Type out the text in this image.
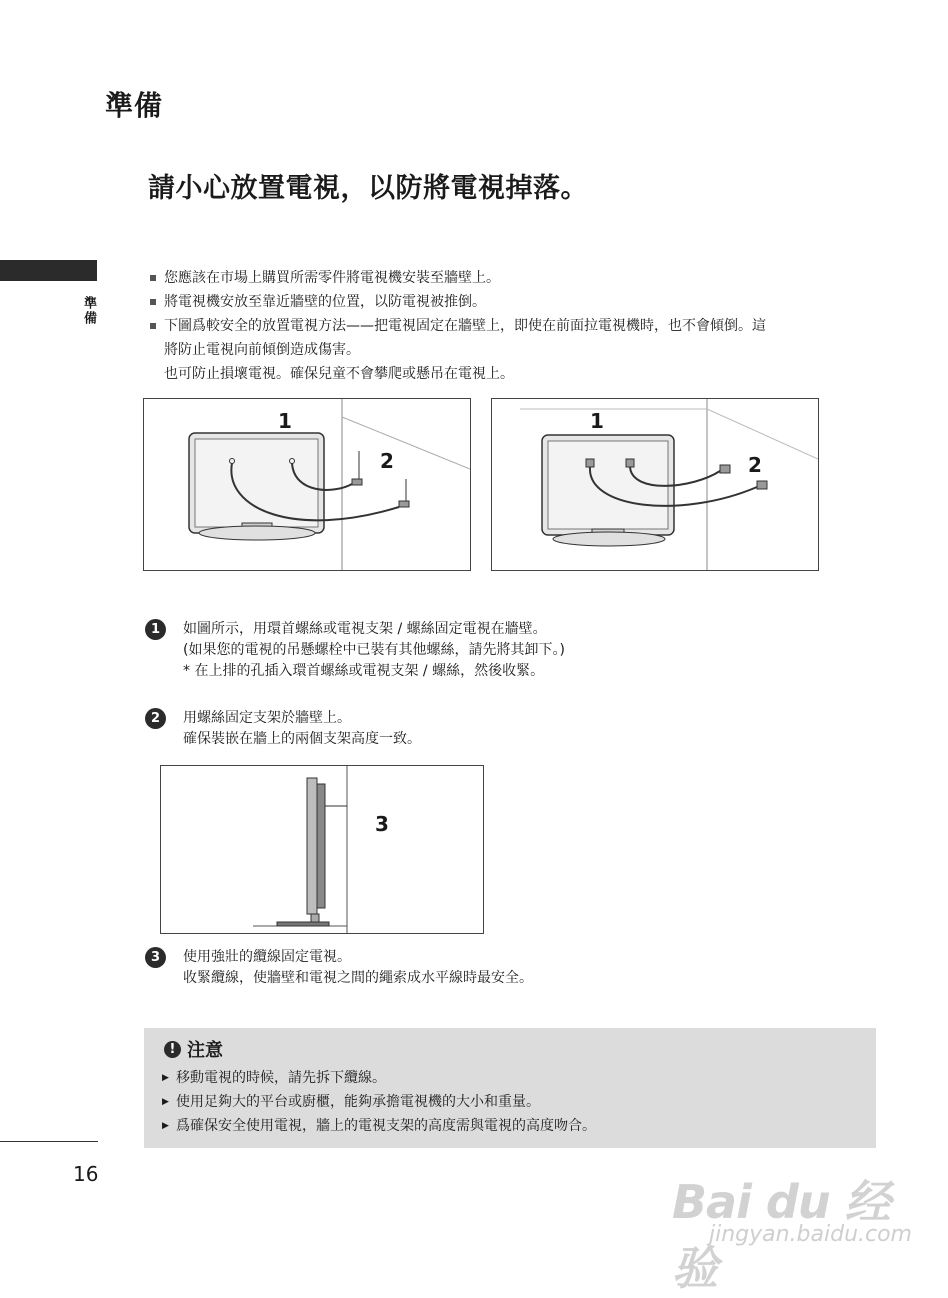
準備
請小心放置電視，以防將電視掉落。
準備
您應該在市場上購買所需零件將電視機安裝至牆壁上。
將電視機安放至靠近牆壁的位置，以防電視被推倒。
下圖爲較安全的放置電視方法——把電視固定在牆壁上，即使在前面拉電視機時，也不會傾倒。這
將防止電視向前傾倒造成傷害。
也可防止損壞電視。確保兒童不會攀爬或懸吊在電視上。
1
2
1
2
1	如圖所示，用環首螺絲或電視支架 / 螺絲固定電視在牆壁。
(如果您的電視的吊懸螺栓中已裝有其他螺絲，請先將其卸下。)
* 在上排的孔插入環首螺絲或電視支架 / 螺絲，然後收緊。
2	用螺絲固定支架於牆壁上。
確保裝嵌在牆上的兩個支架高度一致。
3
3	使用強壯的纜線固定電視。
收緊纜線，使牆壁和電視之間的繩索成水平線時最安全。
! 注意
▶ 移動電視的時候，請先拆下纜線。
▶ 使用足夠大的平台或廚櫃，能夠承擔電視機的大小和重量。
▶ 爲確保安全使用電視，牆上的電視支架的高度需與電視的高度吻合。
16
Bai du 经验
jingyan.baidu.com
